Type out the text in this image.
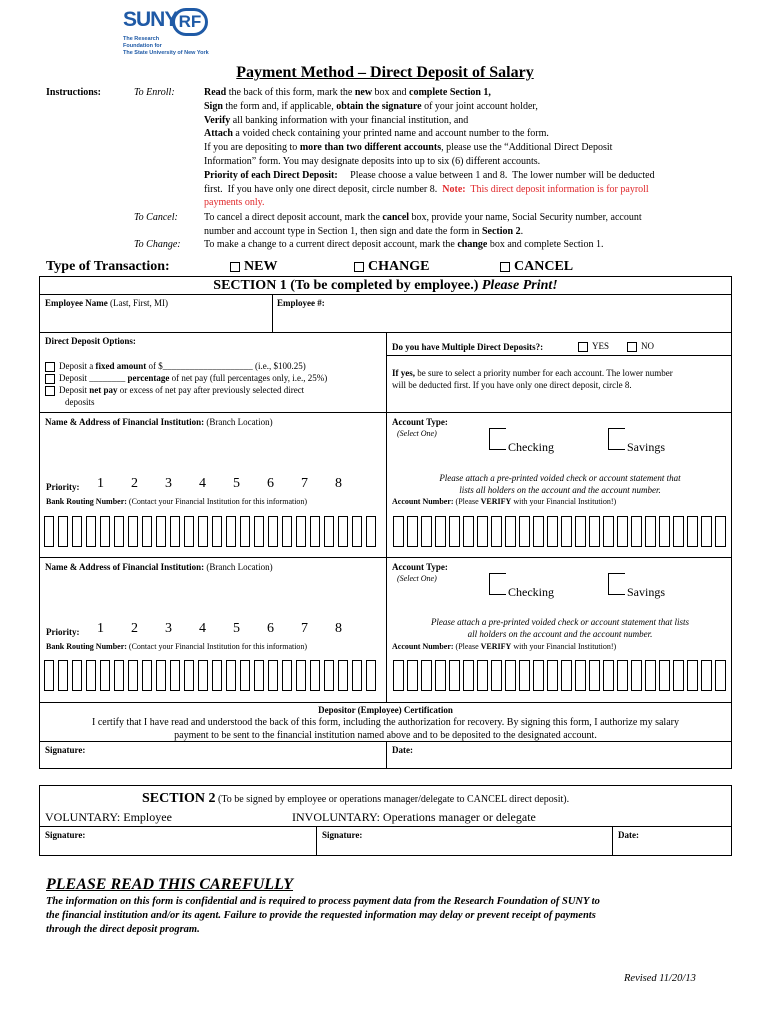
SUNY RF
The Research
Foundation for
The State University of New York
Payment Method – Direct Deposit of Salary
Instructions:	To Enroll:	Read the back of this form, mark the new box and complete Section 1,
Sign the form and, if applicable, obtain the signature of your joint account holder,
Verify all banking information with your financial institution, and
Attach a voided check containing your printed name and account number to the form.
If you are depositing to more than two different accounts, please use the “Additional Direct Deposit
Information” form. You may designate deposits into up to six (6) different accounts.
Priority of each Direct Deposit:     Please choose a value between 1 and 8.  The lower number will be deducted
first.  If you have only one direct deposit, circle number 8.  Note:  This direct deposit information is for payroll
payments only.
To Cancel:	To cancel a direct deposit account, mark the cancel box, provide your name, Social Security number, account
number and account type in Section 1, then sign and date the form in Section 2.
To Change: To make a change to a current direct deposit account, mark the change box and complete Section 1.
Type of Transaction:	NEW	CHANGE	CANCEL
SECTION 1 (To be completed by employee.) Please Print!
Employee Name (Last, First, MI)	Employee #:
Direct Deposit Options:
Do you have Multiple Direct Deposits?:	YES	NO
If yes, be sure to select a priority number for each account. The lower number
will be deducted first. If you have only one direct deposit, circle 8.
Deposit a fixed amount of $____________________ (i.e., $100.25)
Deposit ________ percentage of net pay (full percentages only, i.e., 25%)
Deposit net pay or excess of net pay after previously selected direct
deposits
Name & Address of Financial Institution: (Branch Location)	Account Type:
(Select One)
Checking	Savings
Priority: 1 2 3 4 5 6 7 8
Bank Routing Number: (Contact your Financial Institution for this information)
Please attach a pre-printed voided check or account statement that
lists all holders on the account and the account number.
Account Number: (Please VERIFY with your Financial Institution!)
Name & Address of Financial Institution: (Branch Location)	Account Type:
(Select One)
Checking	Savings
Priority: 1 2 3 4 5 6 7 8
Bank Routing Number: (Contact your Financial Institution for this information)
Please attach a pre-printed voided check or account statement that lists
all holders on the account and the account number.
Account Number: (Please VERIFY with your Financial Institution!)
Depositor (Employee) Certification
I certify that I have read and understood the back of this form, including the authorization for recovery. By signing this form, I authorize my salary
payment to be sent to the financial institution named above and to be deposited to the designated account.
Signature:	Date:
SECTION 2 (To be signed by employee or operations manager/delegate to CANCEL direct deposit).
VOLUNTARY: Employee	INVOLUNTARY: Operations manager or delegate
Signature:	Signature:	Date:
PLEASE READ THIS CAREFULLY
The information on this form is confidential and is required to process payment data from the Research Foundation of SUNY to
the financial institution and/or its agent. Failure to provide the requested information may delay or prevent receipt of payments
through the direct deposit program.
Revised 11/20/13
